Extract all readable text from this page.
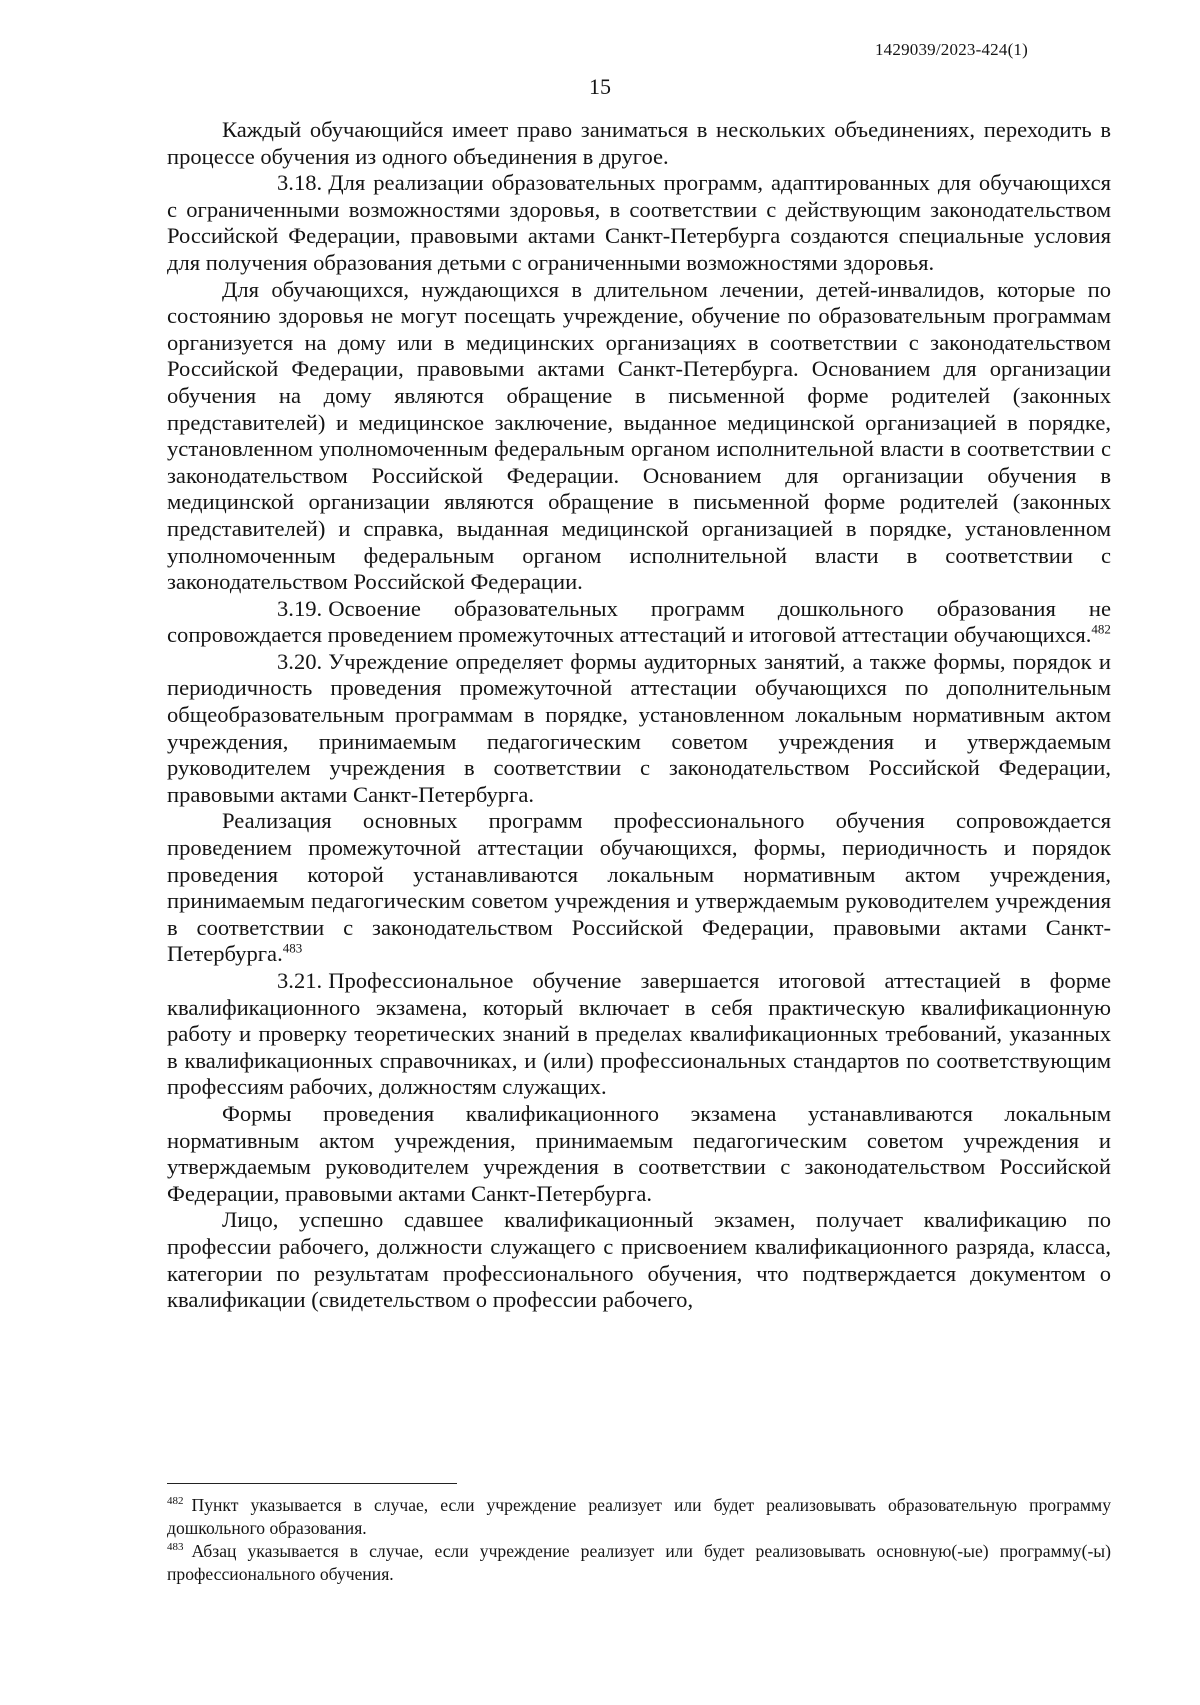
1429039/2023-424(1)
15

Каждый обучающийся имеет право заниматься в нескольких объединениях, переходить в процессе обучения из одного объединения в другое.

3.18. Для реализации образовательных программ, адаптированных для обучающихся с ограниченными возможностями здоровья, в соответствии с действующим законодательством Российской Федерации, правовыми актами Санкт-Петербурга создаются специальные условия для получения образования детьми с ограниченными возможностями здоровья.

Для обучающихся, нуждающихся в длительном лечении, детей-инвалидов, которые по состоянию здоровья не могут посещать учреждение, обучение по образовательным программам организуется на дому или в медицинских организациях в соответствии с законодательством Российской Федерации, правовыми актами Санкт-Петербурга. Основанием для организации обучения на дому являются обращение в письменной форме родителей (законных представителей) и медицинское заключение, выданное медицинской организацией в порядке, установленном уполномоченным федеральным органом исполнительной власти в соответствии с законодательством Российской Федерации. Основанием для организации обучения в медицинской организации являются обращение в письменной форме родителей (законных представителей) и справка, выданная медицинской организацией в порядке, установленном уполномоченным федеральным органом исполнительной власти в соответствии с законодательством Российской Федерации.

3.19. Освоение образовательных программ дошкольного образования не сопровождается проведением промежуточных аттестаций и итоговой аттестации обучающихся.$^{482}$

3.20. Учреждение определяет формы аудиторных занятий, а также формы, порядок и периодичность проведения промежуточной аттестации обучающихся по дополнительным общеобразовательным программам в порядке, установленном локальным нормативным актом учреждения, принимаемым педагогическим советом учреждения и утверждаемым руководителем учреждения в соответствии с законодательством Российской Федерации, правовыми актами Санкт-Петербурга.

Реализация основных программ профессионального обучения сопровождается проведением промежуточной аттестации обучающихся, формы, периодичность и порядок проведения которой устанавливаются локальным нормативным актом учреждения, принимаемым педагогическим советом учреждения и утверждаемым руководителем учреждения в соответствии с законодательством Российской Федерации, правовыми актами Санкт-Петербурга.$^{483}$

3.21. Профессиональное обучение завершается итоговой аттестацией в форме квалификационного экзамена, который включает в себя практическую квалификационную работу и проверку теоретических знаний в пределах квалификационных требований, указанных в квалификационных справочниках, и (или) профессиональных стандартов по соответствующим профессиям рабочих, должностям служащих.

Формы проведения квалификационного экзамена устанавливаются локальным нормативным актом учреждения, принимаемым педагогическим советом учреждения и утверждаемым руководителем учреждения в соответствии с законодательством Российской Федерации, правовыми актами Санкт-Петербурга.

Лицо, успешно сдавшее квалификационный экзамен, получает квалификацию по профессии рабочего, должности служащего с присвоением квалификационного разряда, класса, категории по результатам профессионального обучения, что подтверждается документом о квалификации (свидетельством о профессии рабочего,

$^{482}$ Пункт указывается в случае, если учреждение реализует или будет реализовывать образовательную программу дошкольного образования.

$^{483}$ Абзац указывается в случае, если учреждение реализует или будет реализовывать основную(-ые) программу(-ы) профессионального обучения.
